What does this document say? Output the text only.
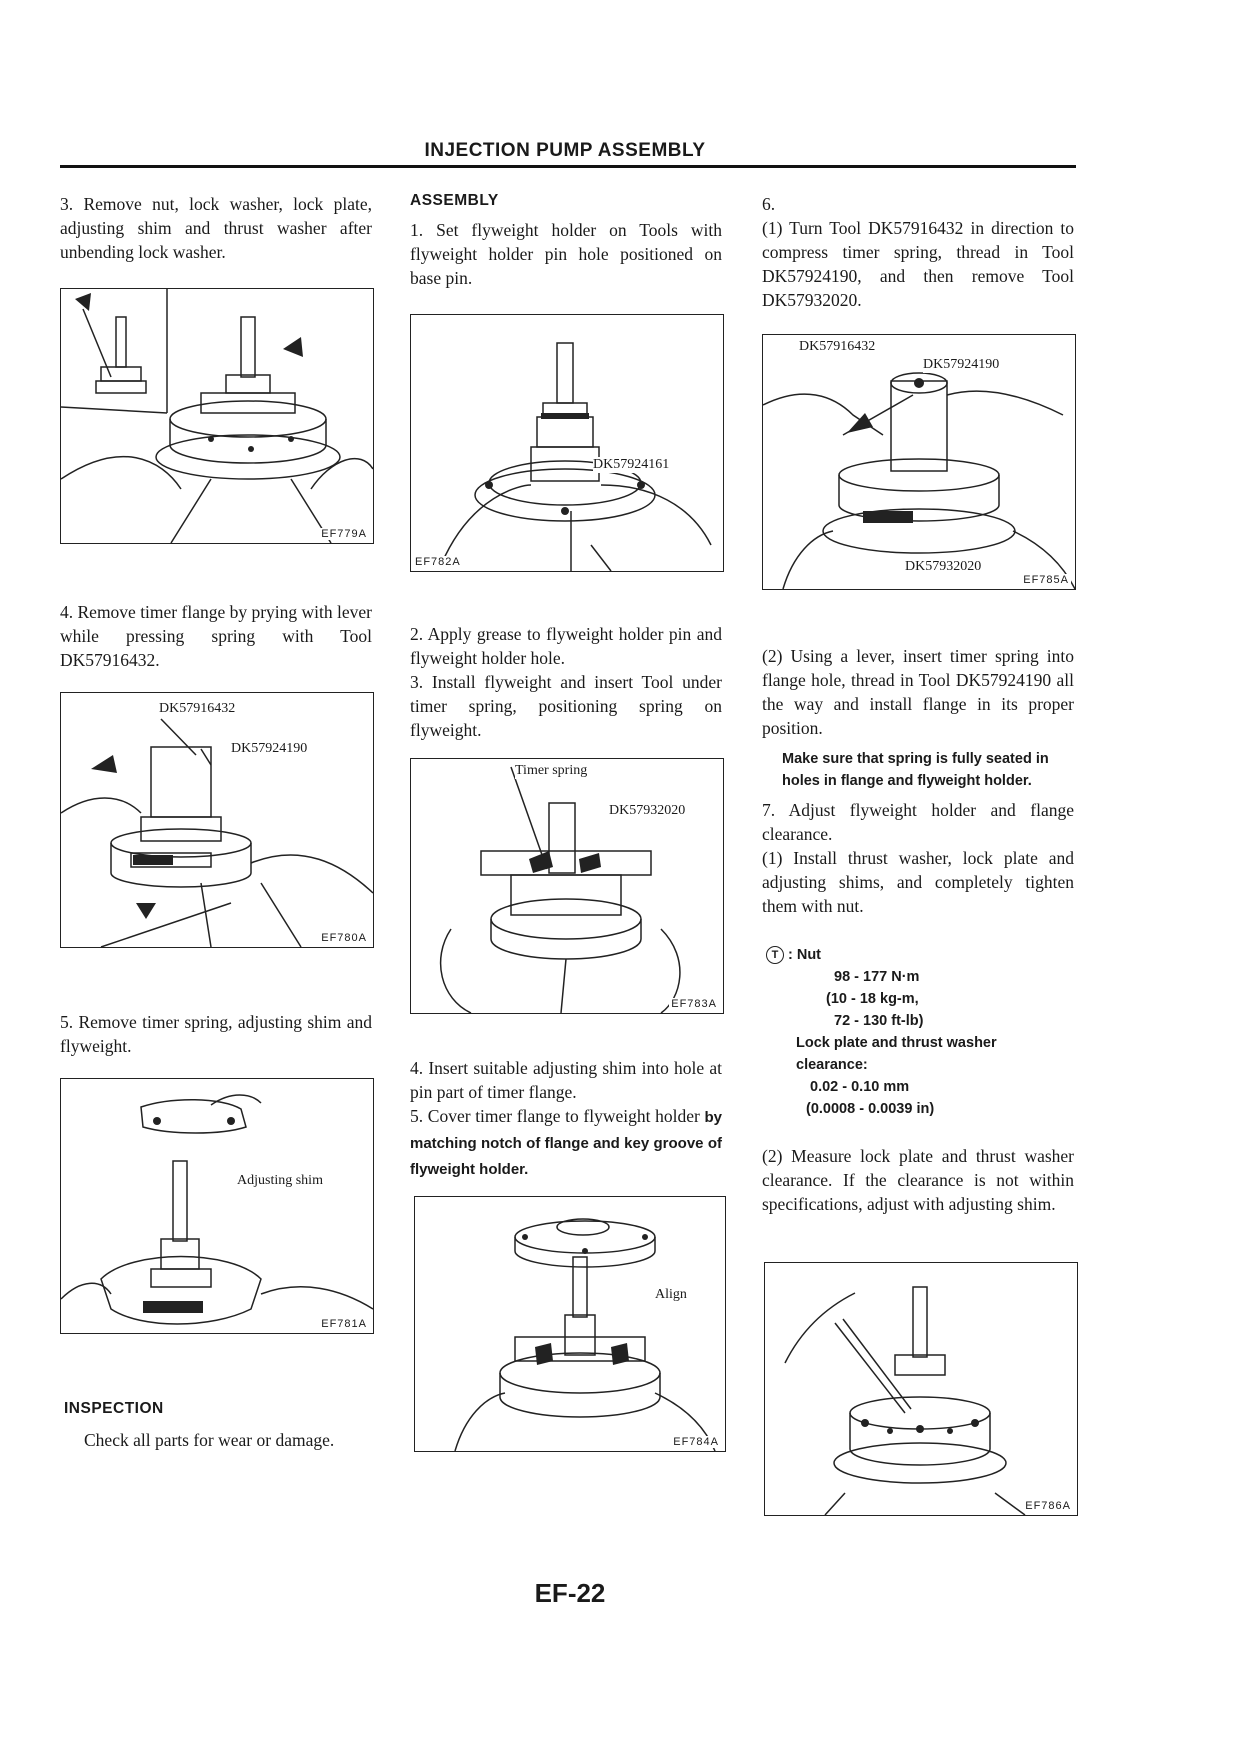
INJECTION PUMP ASSEMBLY

3. Remove nut, lock washer, lock plate, adjusting shim and thrust washer after unbending lock washer.

EF779A

4. Remove timer flange by prying with lever while pressing spring with Tool DK57916432.

DK57916432
DK57924190
EF780A

5. Remove timer spring, adjusting shim and flyweight.

Adjusting shim
EF781A
INSPECTION

Check all parts for wear or damage.

ASSEMBLY

1. Set flyweight holder on Tools with flyweight holder pin hole positioned on base pin.

DK57924161
EF782A

2. Apply grease to flyweight holder pin and flyweight holder hole.

3. Install flyweight and insert Tool under timer spring, positioning spring on flyweight.

Timer spring
DK57932020
EF783A

4. Insert suitable adjusting shim into hole at pin part of timer flange.

5. Cover timer flange to flyweight holder by matching notch of flange and key groove of flyweight holder.

Align
EF784A

6.

(1) Turn Tool DK57916432 in direction to compress timer spring, thread in Tool DK57924190, and then remove Tool DK57932020.

DK57916432
DK57924190
DK57932020
EF785A

(2) Using a lever, insert timer spring into flange hole, thread in Tool DK57924190 all the way and install flange in its proper position.

Make sure that spring is fully seated in holes in flange and flyweight holder.

7. Adjust flyweight holder and flange clearance.

(1) Install thrust washer, lock plate and adjusting shims, and completely tighten them with nut.

T : Nut
98 - 177 N·m
(10 - 18 kg-m,
72 - 130 ft-lb)
Lock plate and thrust washer clearance:
0.02 - 0.10 mm
(0.0008 - 0.0039 in)

(2) Measure lock plate and thrust washer clearance. If the clearance is not within specifications, adjust with adjusting shim.

EF786A
EF-22
